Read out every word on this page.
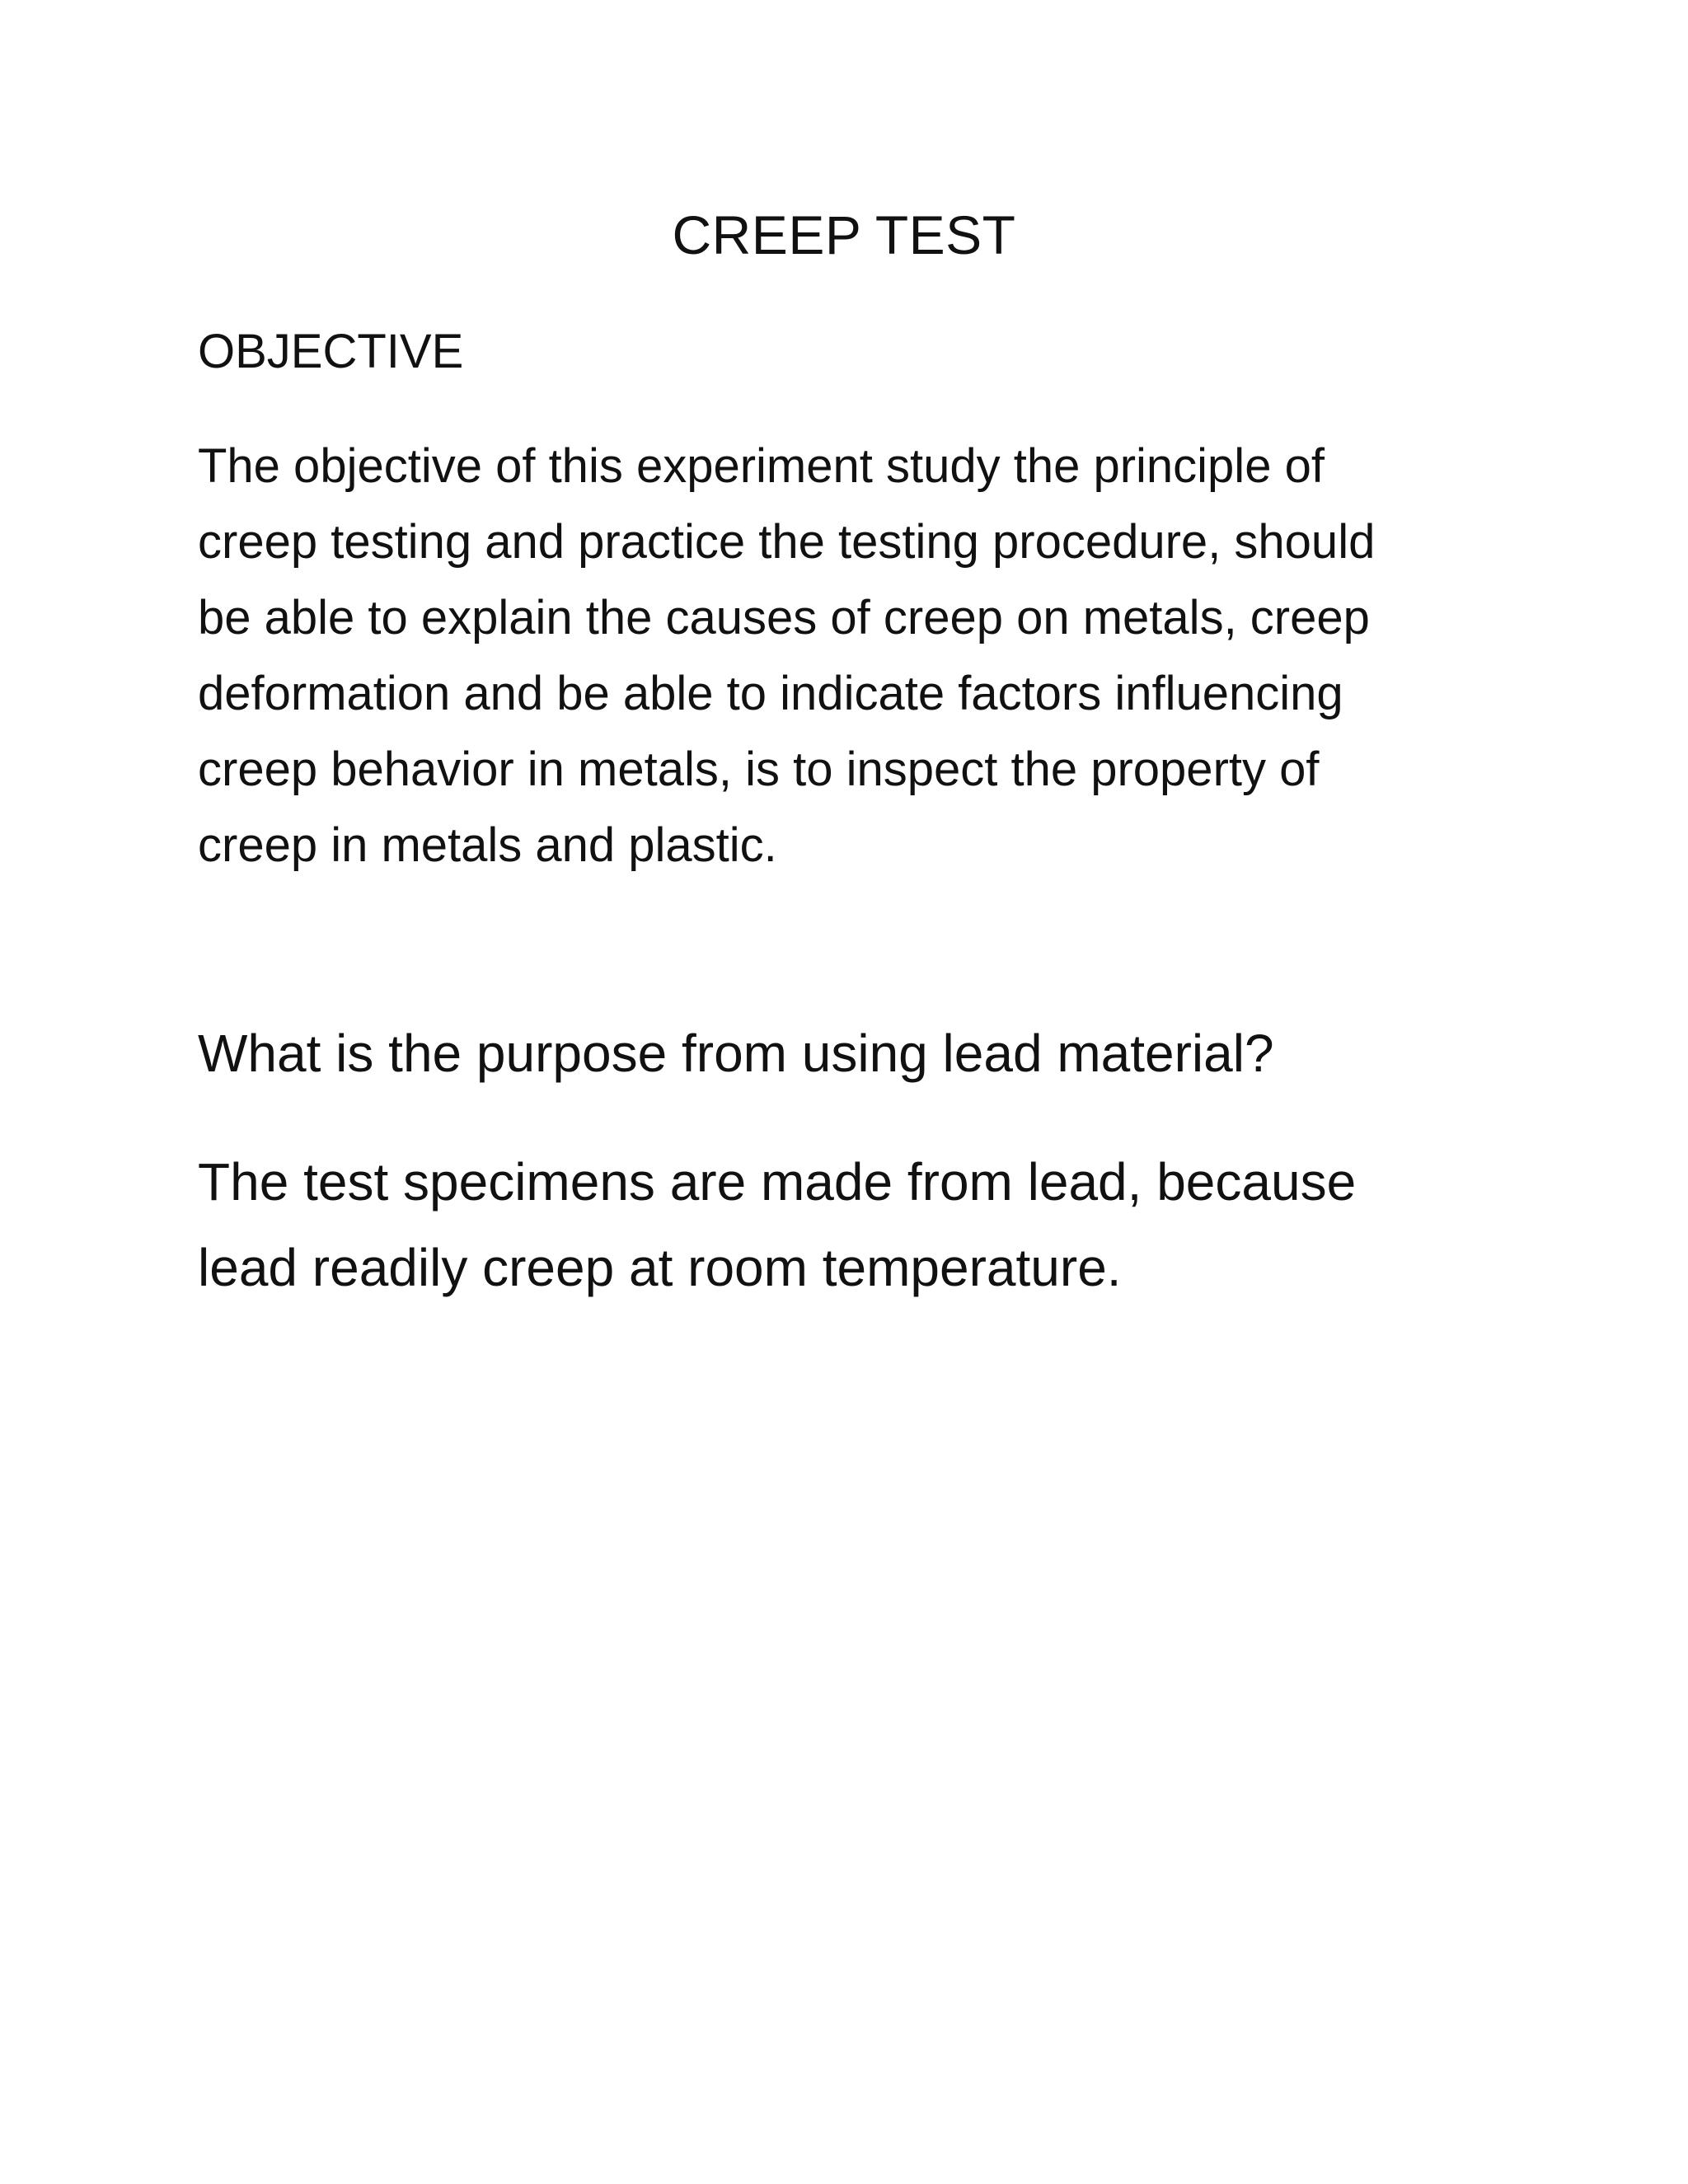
CREEP TEST
OBJECTIVE
The objective of this experiment study the principle of
creep testing and practice the testing procedure, should
be able to explain the causes of creep on metals, creep
deformation and be able to indicate factors influencing
creep behavior in metals, is to inspect the property of
creep in metals and plastic.
What is the purpose from using lead material?
The test specimens are made from lead, because
lead readily creep at room temperature.
